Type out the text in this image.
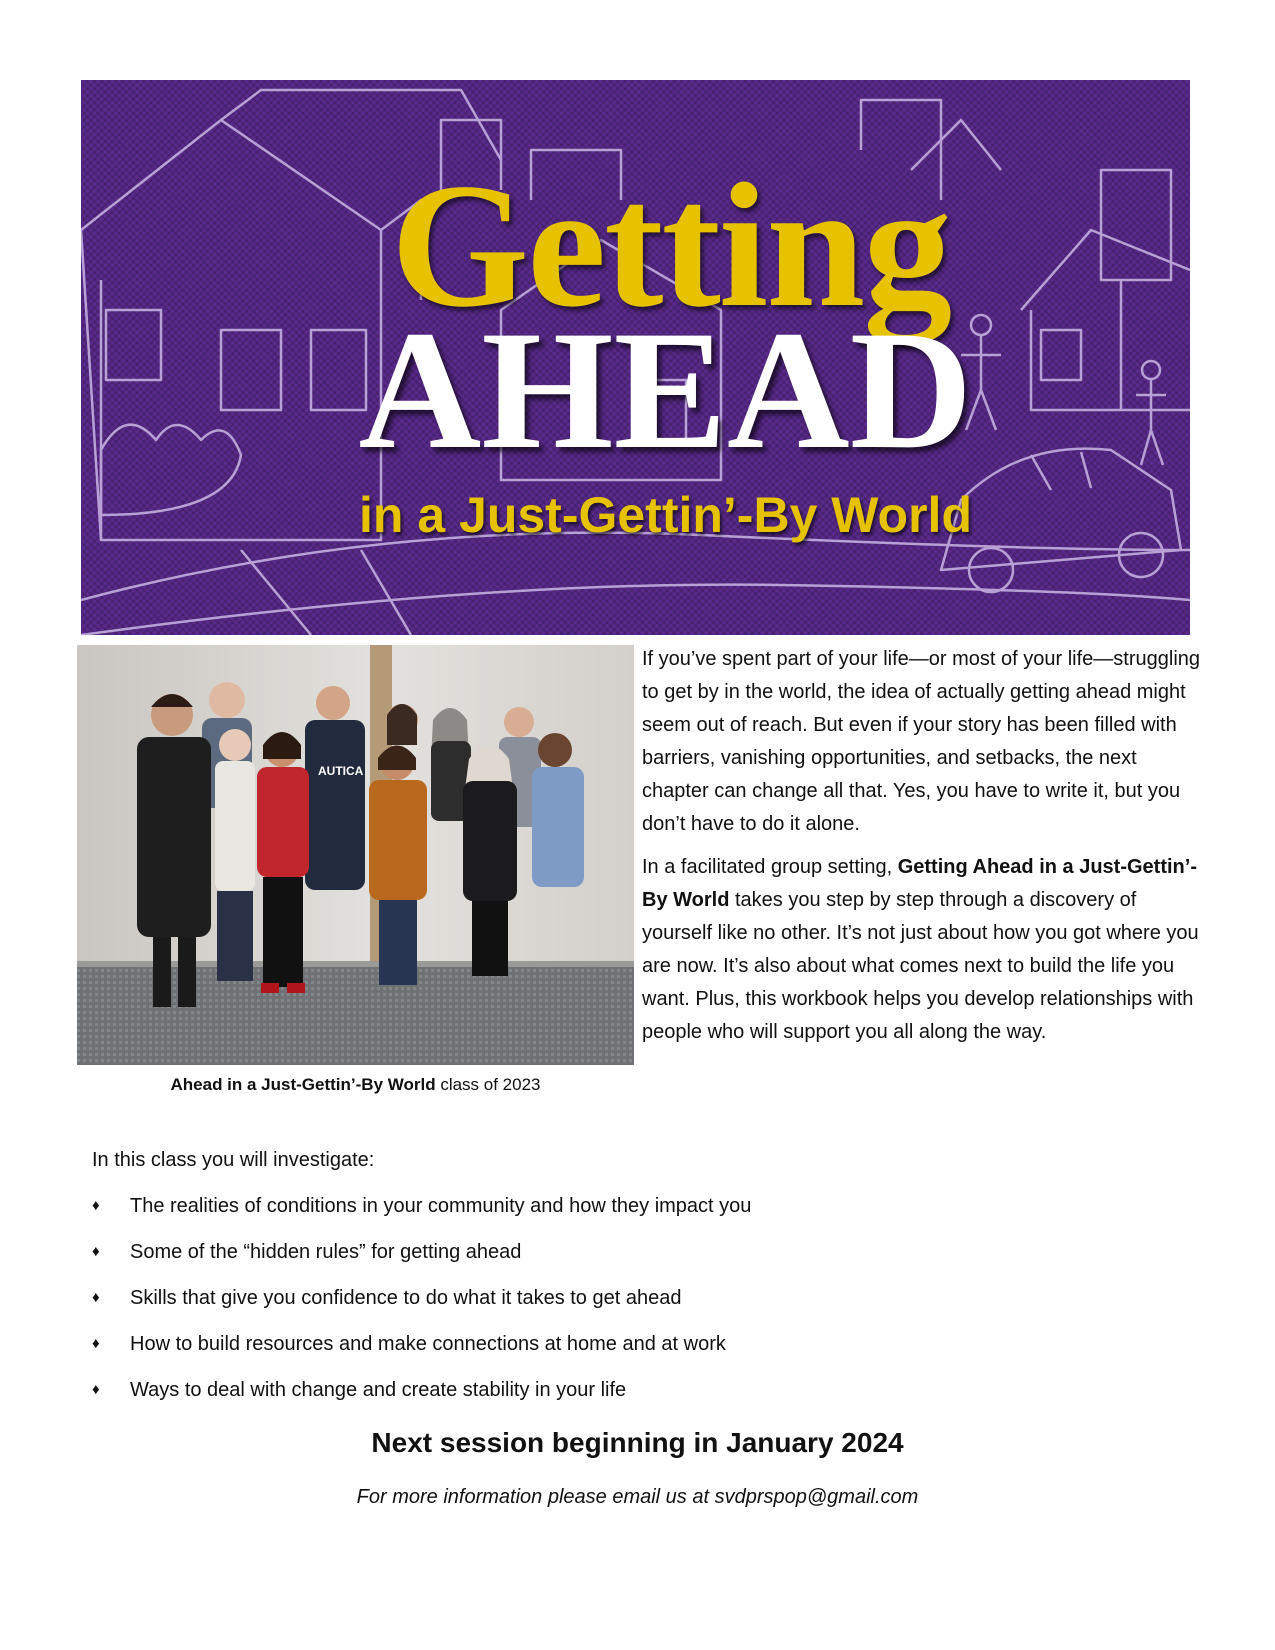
Getting
AHEAD
in a Just-Gettin’-By World
AUTICA
Ahead in a Just-Gettin’-By World class of 2023

If you’ve spent part of your life—or most of your life—struggling to get by in the world, the idea of actually getting ahead might seem out of reach. But even if your story has been filled with barriers, vanishing opportunities, and setbacks, the next chapter can change all that. Yes, you have to write it, but you don’t have to do it alone.

In a facilitated group setting, Getting Ahead in a Just-Gettin’-By World takes you step by step through a discovery of yourself like no other. It’s not just about how you got where you are now. It’s also about what comes next to build the life you want. Plus, this workbook helps you develop relationships with people who will support you all along the way.

In this class you will investigate:
♦	The realities of conditions in your community and how they impact you
♦	Some of the “hidden rules” for getting ahead
♦	Skills that give you confidence to do what it takes to get ahead
♦	How to build resources and make connections at home and at work
♦	Ways to deal with change and create stability in your life
Next session beginning in January 2024
For more information please email us at svdprspop@gmail.com
